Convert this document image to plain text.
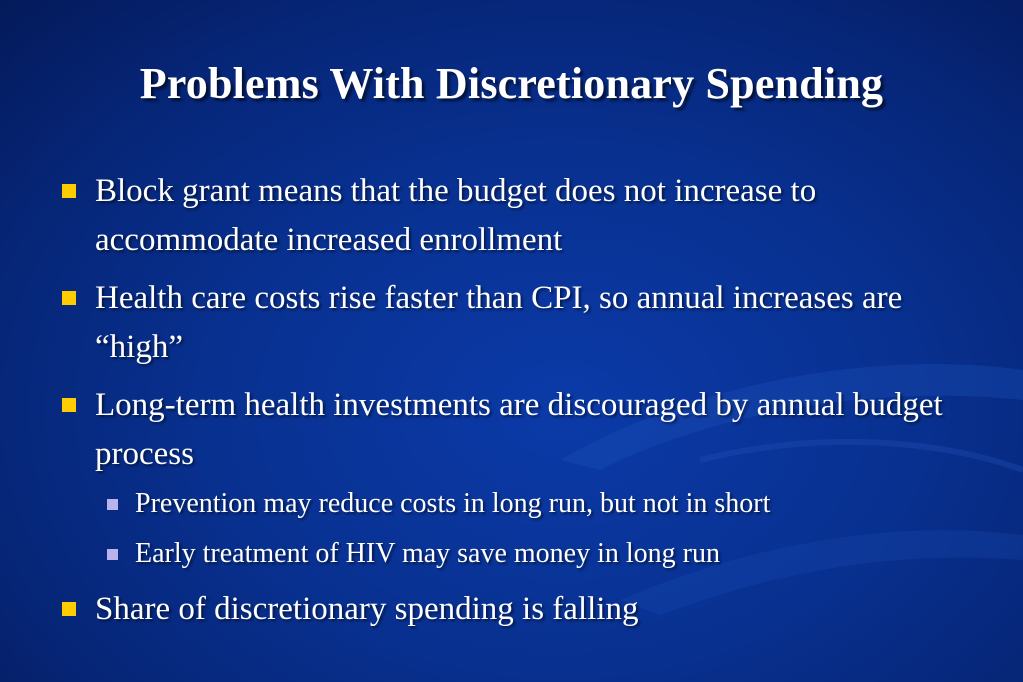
Problems With Discretionary Spending
Block grant means that the budget does not increase to accommodate increased enrollment
Health care costs rise faster than CPI, so annual increases are “high”
Long-term health investments are discouraged by annual budget process
Prevention may reduce costs in long run, but not in short
Early treatment of HIV may save money in long run
Share of discretionary spending is falling
